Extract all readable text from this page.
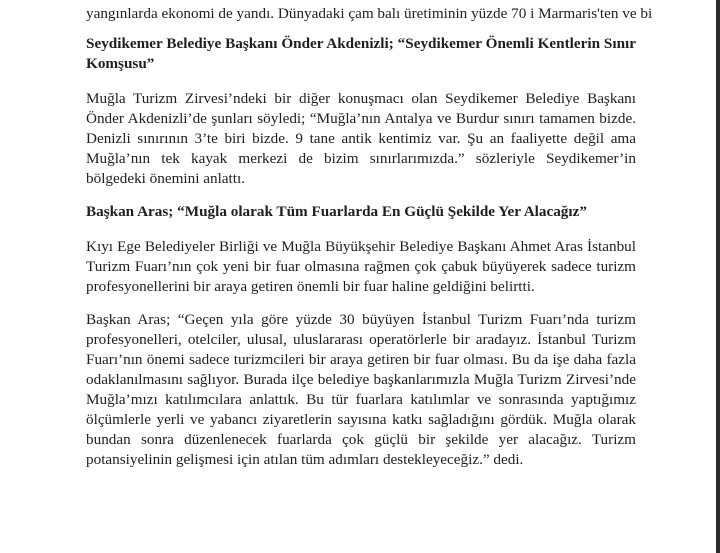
yangınlarda ekonomi de yandı. Dünyadaki çam balı üretiminin yüzde 70 i Marmaris'ten ve bi
Seydikemer Belediye Başkanı Önder Akdenizli; “Seydikemer Önemli Kentlerin Sınır Komşusu”

Muğla Turizm Zirvesi’ndeki bir diğer konuşmacı olan Seydikemer Belediye Başkanı Önder Akdenizli’de şunları söyledi; “Muğla’nın Antalya ve Burdur sınırı tamamen bizde. Denizli sınırının 3’te biri bizde. 9 tane antik kentimiz var. Şu an faaliyette değil ama Muğla’nın tek kayak merkezi de bizim sınırlarımızda.” sözleriyle Seydikemer’in bölgedeki önemini anlattı.

Başkan Aras; “Muğla olarak Tüm Fuarlarda En Güçlü Şekilde Yer Alacağız”

Kıyı Ege Belediyeler Birliği ve Muğla Büyükşehir Belediye Başkanı Ahmet Aras İstanbul Turizm Fuarı’nın çok yeni bir fuar olmasına rağmen çok çabuk büyüyerek sadece turizm profesyonellerini bir araya getiren önemli bir fuar haline geldiğini belirtti.

Başkan Aras; “Geçen yıla göre yüzde 30 büyüyen İstanbul Turizm Fuarı’nda turizm profesyonelleri, otelciler, ulusal, uluslararası operatörlerle bir aradayız. İstanbul Turizm Fuarı’nın önemi sadece turizmcileri bir araya getiren bir fuar olması. Bu da işe daha fazla odaklanılmasını sağlıyor. Burada ilçe belediye başkanlarımızla Muğla Turizm Zirvesi’nde Muğla’mızı katılımcılara anlattık. Bu tür fuarlara katılımlar ve sonrasında yaptığımız ölçümlerle yerli ve yabancı ziyaretlerin sayısına katkı sağladığını gördük. Muğla olarak bundan sonra düzenlenecek fuarlarda çok güçlü bir şekilde yer alacağız. Turizm potansiyelinin gelişmesi için atılan tüm adımları destekleyeceğiz.” dedi.
